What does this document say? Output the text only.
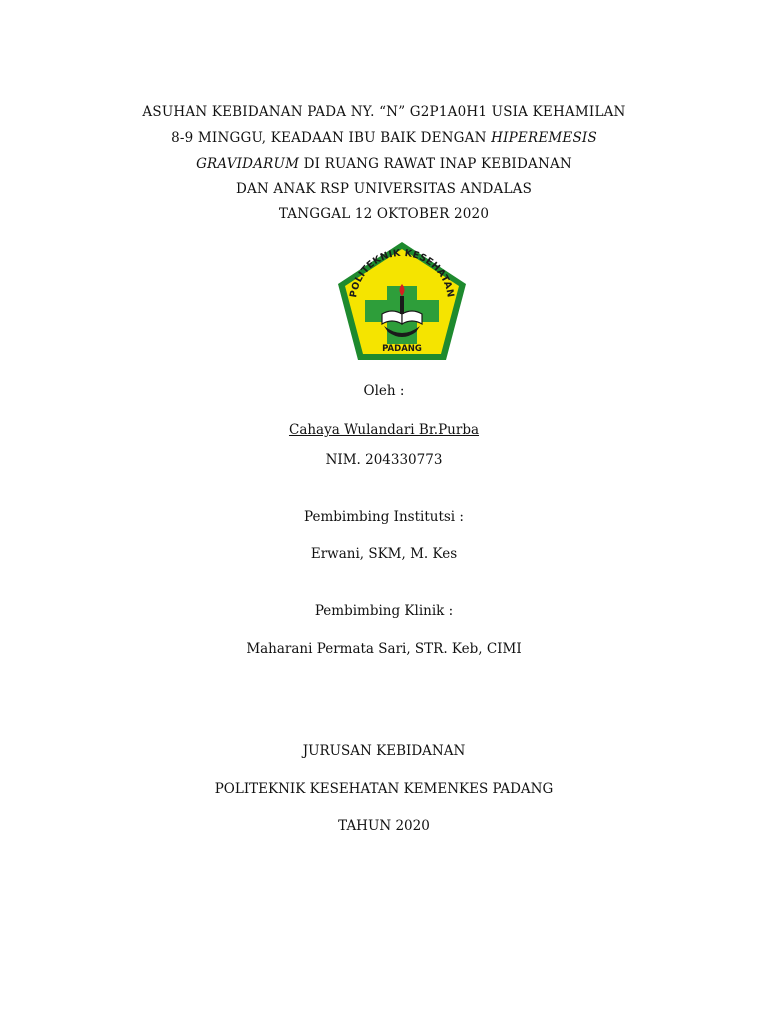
ASUHAN KEBIDANAN PADA NY. “N” G2P1A0H1 USIA KEHAMILAN
8-9 MINGGU, KEADAAN IBU BAIK DENGAN HIPEREMESIS
GRAVIDARUM DI RUANG RAWAT INAP KEBIDANAN
DAN ANAK RSP UNIVERSITAS ANDALAS
TANGGAL 12 OKTOBER 2020
POLITEKNIK KESEHATAN
PADANG
Oleh :
Cahaya Wulandari Br.Purba
NIM. 204330773
Pembimbing Institutsi :
Erwani, SKM, M. Kes
Pembimbing Klinik :
Maharani Permata Sari, STR. Keb, CIMI
JURUSAN KEBIDANAN
POLITEKNIK KESEHATAN KEMENKES PADANG
TAHUN 2020
